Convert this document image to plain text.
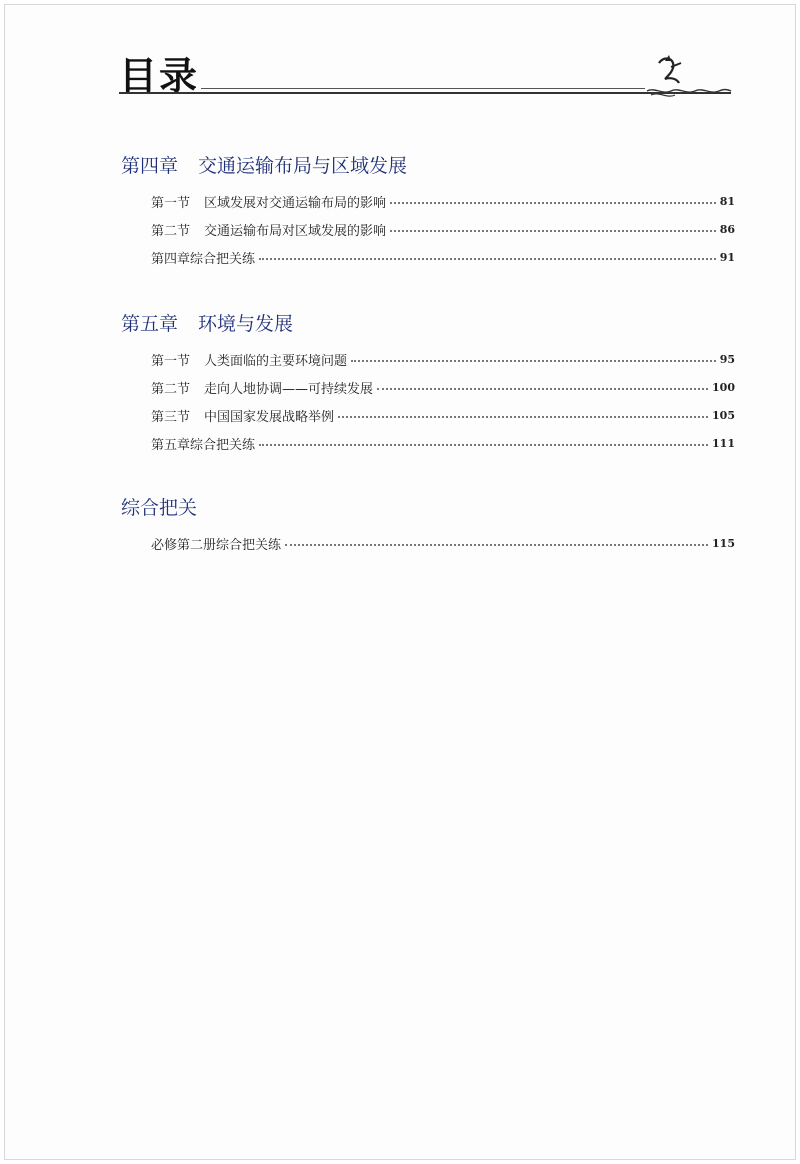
目录
第四章 交通运输布局与区域发展
第一节 区域发展对交通运输布局的影响	81
第二节 交通运输布局对区域发展的影响	86
第四章综合把关练	91
第五章 环境与发展
第一节 人类面临的主要环境问题	95
第二节 走向人地协调——可持续发展	100
第三节 中国国家发展战略举例	105
第五章综合把关练	111
综合把关
必修第二册综合把关练	115
